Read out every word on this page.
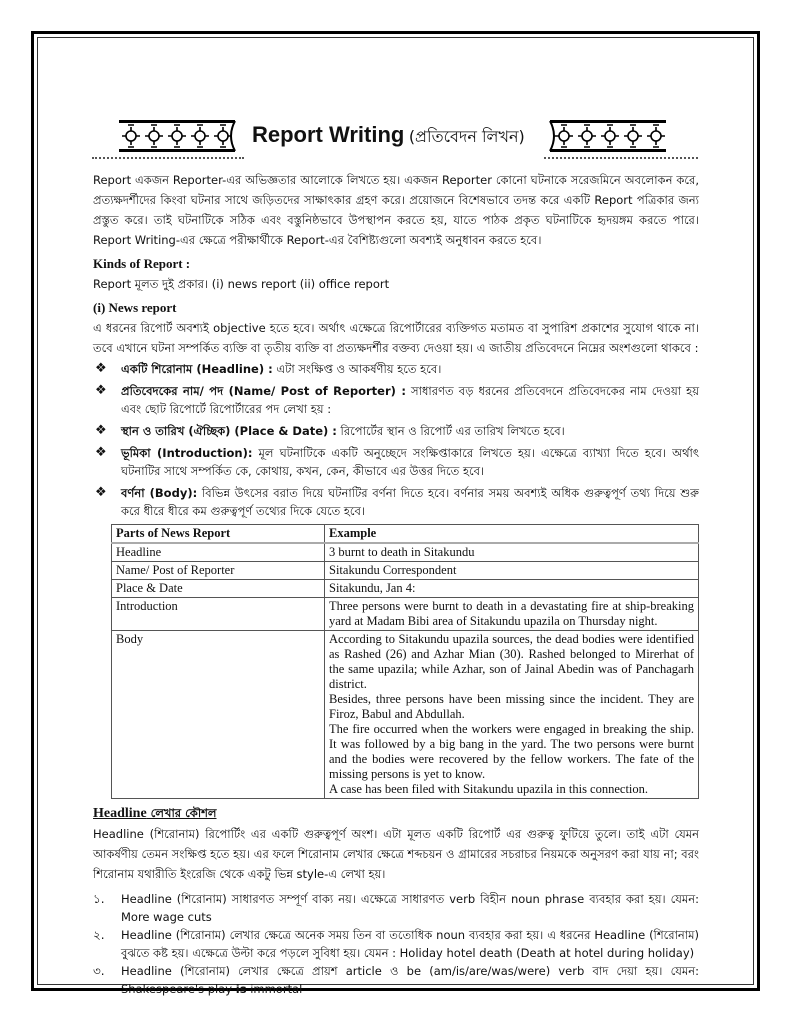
Report Writing (প্রতিবেদন লিখন)

Report একজন Reporter-এর অভিজ্ঞতার আলোকে লিখতে হয়। একজন Reporter কোনো ঘটনাকে সরেজমিনে অবলোকন করে, প্রত্যক্ষদর্শীদের কিংবা ঘটনার সাথে জড়িতদের সাক্ষাৎকার গ্রহণ করে। প্রয়োজনে বিশেষভাবে তদন্ত করে একটি Report পত্রিকার জন্য প্রস্তুত করে। তাই ঘটনাটিকে সঠিক এবং বস্তুনিষ্ঠভাবে উপস্থাপন করতে হয়, যাতে পাঠক প্রকৃত ঘটনাটিকে হৃদয়ঙ্গম করতে পারে। Report Writing-এর ক্ষেত্রে পরীক্ষার্থীকে Report-এর বৈশিষ্ট্যগুলো অবশ্যই অনুধাবন করতে হবে।

Kinds of Report :

Report মূলত দুই প্রকার। (i) news report (ii) office report

(i) News report

এ ধরনের রিপোর্ট অবশ্যই objective হতে হবে। অর্থাৎ এক্ষেত্রে রিপোর্টারের ব্যক্তিগত মতামত বা সুপারিশ প্রকাশের সুযোগ থাকে না। তবে এখানে ঘটনা সম্পর্কিত ব্যক্তি বা তৃতীয় ব্যক্তি বা প্রত্যক্ষদর্শীর বক্তব্য দেওয়া হয়। এ জাতীয় প্রতিবেদনে নিম্নের অংশগুলো থাকবে :

❖ একটি শিরোনাম (Headline) : এটা সংক্ষিপ্ত ও আকর্ষণীয় হতে হবে।
❖ প্রতিবেদকের নাম/ পদ (Name/ Post of Reporter) : সাধারণত বড় ধরনের প্রতিবেদনে প্রতিবেদকের নাম দেওয়া হয় এবং ছোট রিপোর্টে রিপোর্টারের পদ লেখা হয় :
❖ স্থান ও তারিখ (ঐচ্ছিক) (Place & Date) : রিপোর্টের স্থান ও রিপোর্ট এর তারিখ লিখতে হবে।
❖ ভূমিকা (Introduction): মূল ঘটনাটিকে একটি অনুচ্ছেদে সংক্ষিপ্তাকারে লিখতে হয়। এক্ষেত্রে ব্যাখ্যা দিতে হবে। অর্থাৎ ঘটনাটির সাথে সম্পর্কিত কে, কোথায়, কখন, কেন, কীভাবে এর উত্তর দিতে হবে।
❖ বর্ণনা (Body): বিভিন্ন উৎসের বরাত দিয়ে ঘটনাটির বর্ণনা দিতে হবে। বর্ণনার সময় অবশ্যই অধিক গুরুত্বপূর্ণ তথ্য দিয়ে শুরু করে ধীরে ধীরে কম গুরুত্বপূর্ণ তথ্যের দিকে যেতে হবে।
Parts of News Report	Example
Headline	3 burnt to death in Sitakundu
Name/ Post of Reporter	Sitakundu Correspondent
Place & Date	Sitakundu, Jan 4:
Introduction	Three persons were burnt to death in a devastating fire at ship-breaking yard at Madam Bibi area of Sitakundu upazila on Thursday night.
Body	According to Sitakundu upazila sources, the dead bodies were identified as Rashed (26) and Azhar Mian (30). Rashed belonged to Mirerhat of the same upazila; while Azhar, son of Jainal Abedin was of Panchagarh district.

Besides, three persons have been missing since the incident. They are Firoz, Babul and Abdullah.

The fire occurred when the workers were engaged in breaking the ship. It was followed by a big bang in the yard. The two persons were burnt and the bodies were recovered by the fellow workers. The fate of the missing persons is yet to know.

A case has been filed with Sitakundu upazila in this connection.

Headline লেখার কৌশল

Headline (শিরোনাম) রিপোর্টিং এর একটি গুরুত্বপূর্ণ অংশ। এটা মূলত একটি রিপোর্ট এর গুরুত্ব ফুটিয়ে তুলে। তাই এটা যেমন আকর্ষণীয় তেমন সংক্ষিপ্ত হতে হয়। এর ফলে শিরোনাম লেখার ক্ষেত্রে শব্দচয়ন ও গ্রামারের সচরাচর নিয়মকে অনুসরণ করা যায় না; বরং শিরোনাম যথারীতি ইংরেজি থেকে একটু ভিন্ন style-এ লেখা হয়।

১. Headline (শিরোনাম) সাধারণত সম্পূর্ণ বাক্য নয়। এক্ষেত্রে সাধারণত verb বিহীন noun phrase ব্যবহার করা হয়। যেমন: More wage cuts
২. Headline (শিরোনাম) লেখার ক্ষেত্রে অনেক সময় তিন বা ততোধিক noun ব্যবহার করা হয়। এ ধরনের Headline (শিরোনাম) বুঝতে কষ্ট হয়। এক্ষেত্রে উল্টা করে পড়লে সুবিধা হয়। যেমন : Holiday hotel death (Death at hotel during holiday)
৩. Headline (শিরোনাম) লেখার ক্ষেত্রে প্রায়শ article ও be (am/is/are/was/were) verb বাদ দেয়া হয়। যেমন: Shakespeare's play is immortal
